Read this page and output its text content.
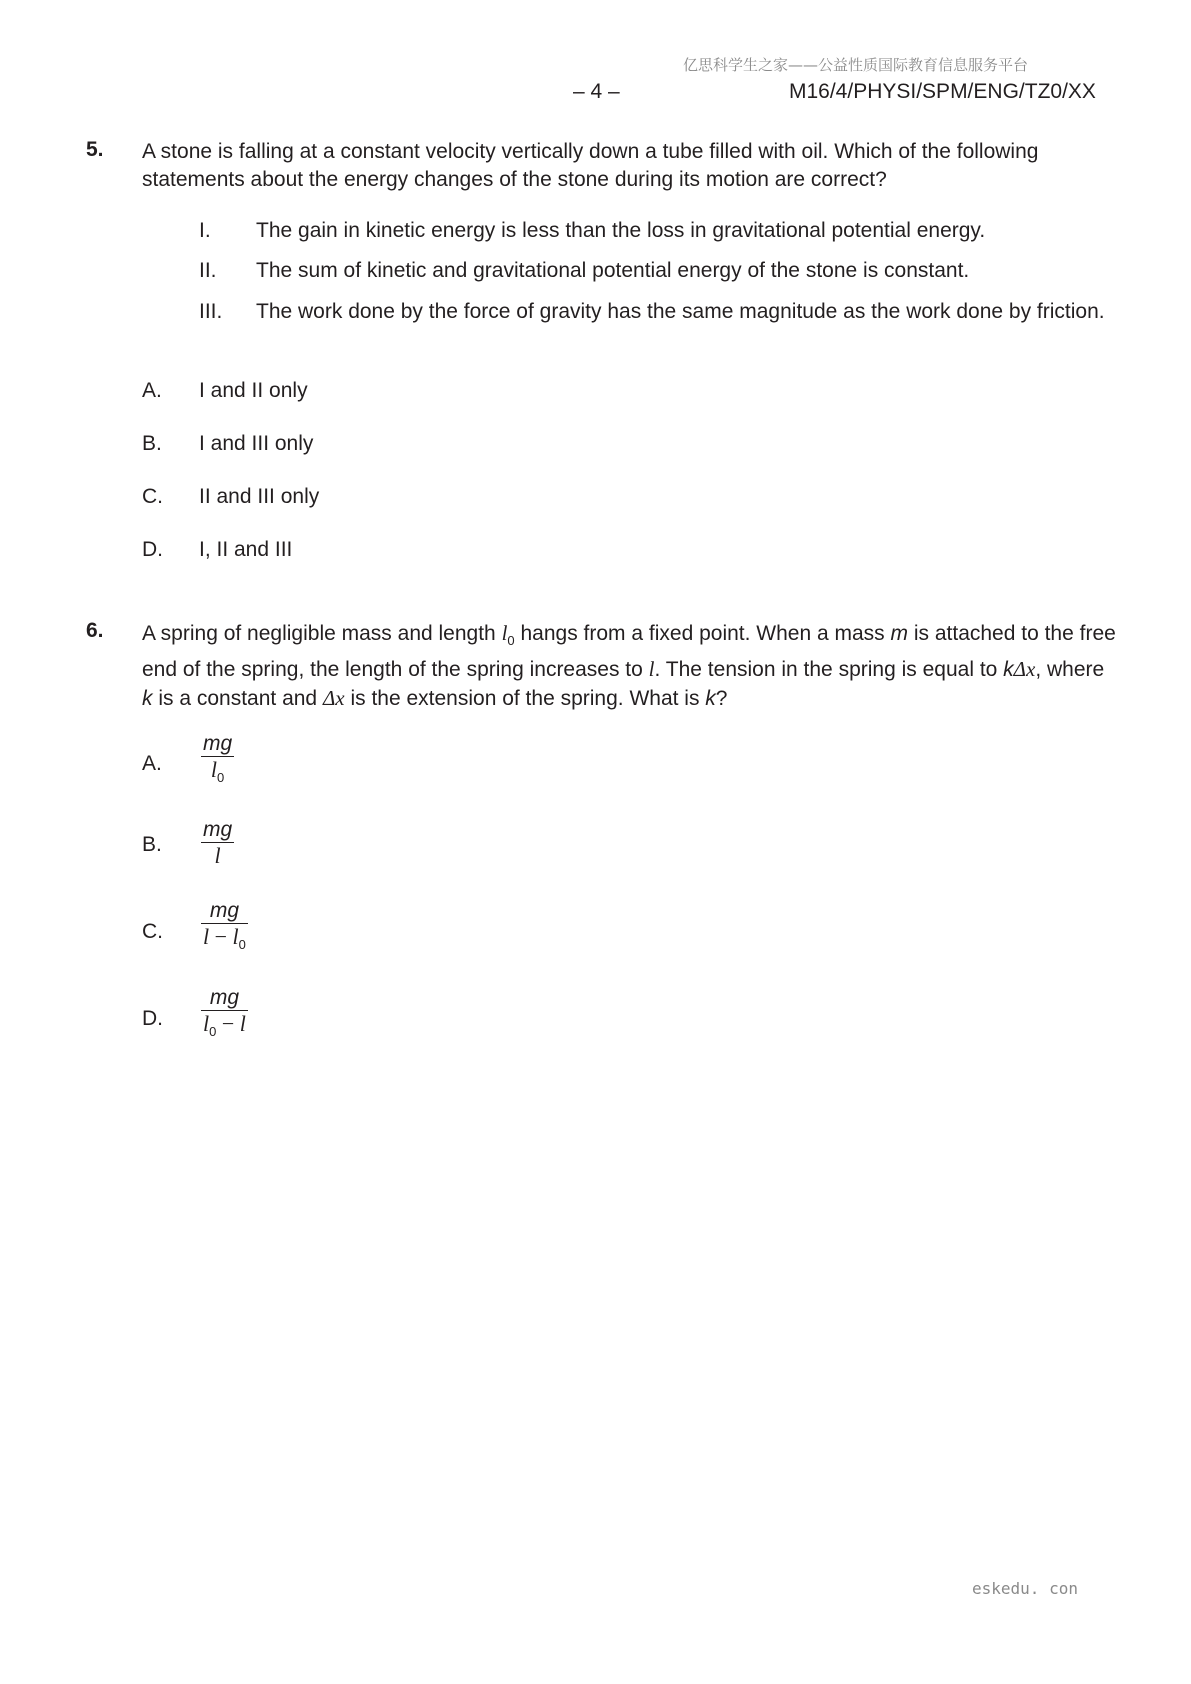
亿思科学生之家——公益性质国际教育信息服务平台
– 4 –	M16/4/PHYSI/SPM/ENG/TZ0/XX
5. A stone is falling at a constant velocity vertically down a tube filled with oil. Which of the following statements about the energy changes of the stone during its motion are correct?
I. The gain in kinetic energy is less than the loss in gravitational potential energy.
II. The sum of kinetic and gravitational potential energy of the stone is constant.
III. The work done by the force of gravity has the same magnitude as the work done by friction.
A. I and II only
B. I and III only
C. II and III only
D. I, II and III
6. A spring of negligible mass and length $l_0$ hangs from a fixed point. When a mass m is attached to the free end of the spring, the length of the spring increases to l. The tension in the spring is equal to kΔx, where k is a constant and Δx is the extension of the spring. What is k?
A. $\frac{mg}{l_0}$
B. $\frac{mg}{l}$
C. $\frac{mg}{l - l_0}$
D. $\frac{mg}{l_0 - l}$
eskedu. con
